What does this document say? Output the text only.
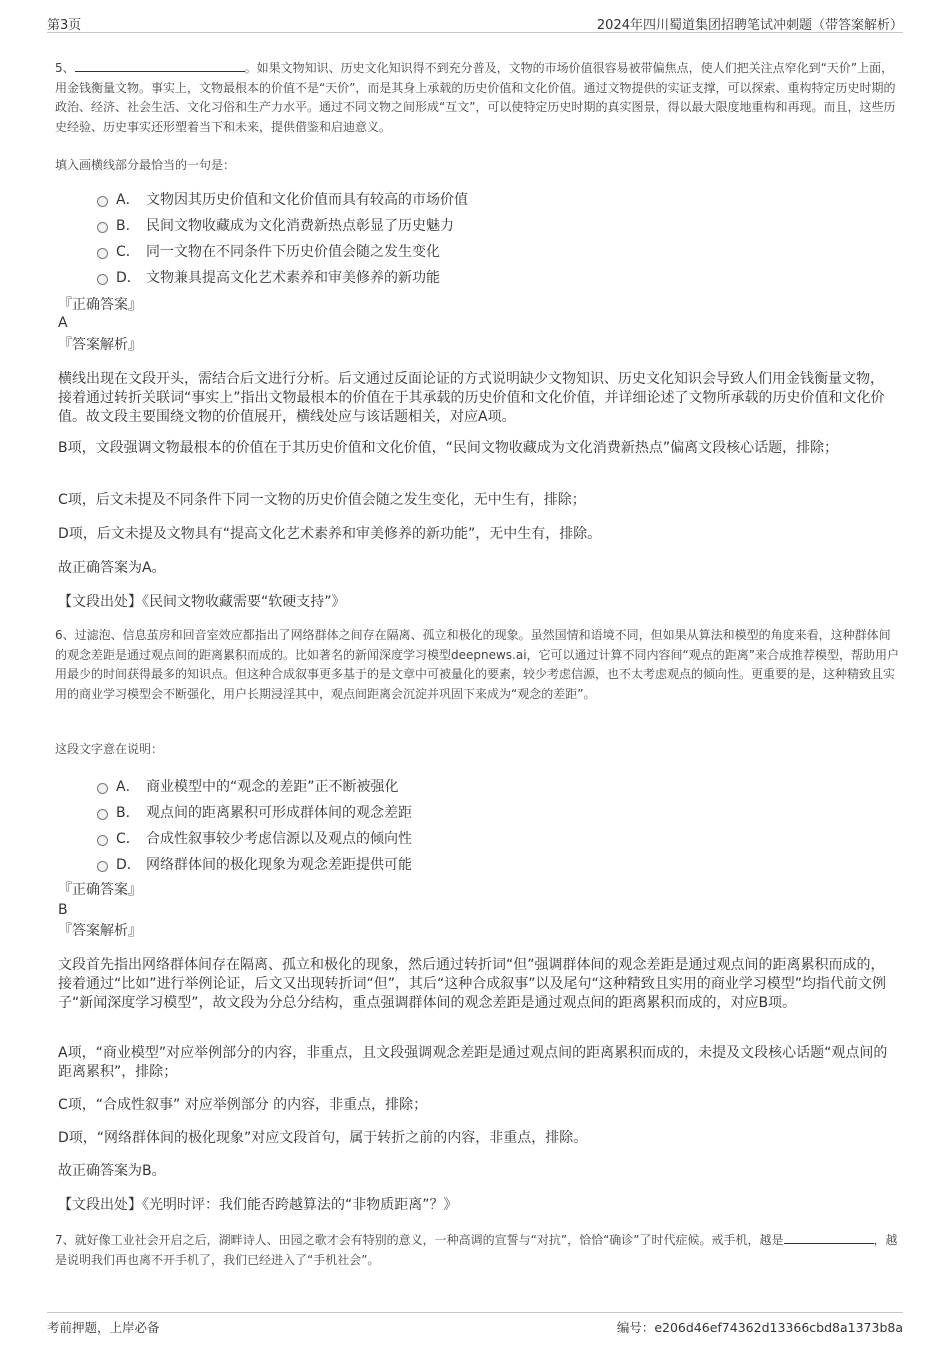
第3页	2024年四川蜀道集团招聘笔试冲刺题（带答案解析）
5、	。如果文物知识、历史文化知识得不到充分普及，文物的市场价值很容易被带偏焦点，使人们把关注点窄化到“天价”上面，用金钱衡量文物。事实上，文物最根本的价值不是“天价”，而是其身上承载的历史价值和文化价值。通过文物提供的实证支撑，可以探索、重构特定历史时期的政治、经济、社会生活、文化习俗和生产力水平。通过不同文物之间形成“互文”，可以使特定历史时期的真实图景，得以最大限度地重构和再现。而且，这些历史经验、历史事实还形塑着当下和未来，提供借鉴和启迪意义。
填入画横线部分最恰当的一句是：
A． 文物因其历史价值和文化价值而具有较高的市场价值
B． 民间文物收藏成为文化消费新热点彰显了历史魅力
C． 同一文物在不同条件下历史价值会随之发生变化
D． 文物兼具提高文化艺术素养和审美修养的新功能
『正确答案』
A
『答案解析』
横线出现在文段开头，需结合后文进行分析。后文通过反面论证的方式说明缺少文物知识、历史文化知识会导致人们用金钱衡量文物，接着通过转折关联词“事实上”指出文物最根本的价值在于其承载的历史价值和文化价值，并详细论述了文物所承载的历史价值和文化价值。故文段主要围绕文物的价值展开，横线处应与该话题相关，对应A项。
B项，文段强调文物最根本的价值在于其历史价值和文化价值，“民间文物收藏成为文化消费新热点”偏离文段核心话题，排除；
C项，后文未提及不同条件下同一文物的历史价值会随之发生变化，无中生有，排除；
D项，后文未提及文物具有“提高文化艺术素养和审美修养的新功能”，无中生有，排除。
故正确答案为A。
【文段出处】《民间文物收藏需要“软硬支持”》
6、过滤泡、信息茧房和回音室效应都指出了网络群体之间存在隔离、孤立和极化的现象。虽然国情和语境不同，但如果从算法和模型的角度来看，这种群体间的观念差距是通过观点间的距离累积而成的。比如著名的新闻深度学习模型deepnews.ai，它可以通过计算不同内容间“观点的距离”来合成推荐模型，帮助用户用最少的时间获得最多的知识点。但这种合成叙事更多基于的是文章中可被量化的要素，较少考虑信源，也不太考虑观点的倾向性。更重要的是，这种精致且实用的商业学习模型会不断强化，用户长期浸淫其中，观点间距离会沉淀并巩固下来成为“观念的差距”。
这段文字意在说明：
A． 商业模型中的“观念的差距”正不断被强化
B． 观点间的距离累积可形成群体间的观念差距
C． 合成性叙事较少考虑信源以及观点的倾向性
D． 网络群体间的极化现象为观念差距提供可能
『正确答案』
B
『答案解析』
文段首先指出网络群体间存在隔离、孤立和极化的现象，然后通过转折词“但”强调群体间的观念差距是通过观点间的距离累积而成的，接着通过“比如”进行举例论证，后文又出现转折词“但”，其后“这种合成叙事”以及尾句“这种精致且实用的商业学习模型”均指代前文例子“新闻深度学习模型”，故文段为分总分结构，重点强调群体间的观念差距是通过观点间的距离累积而成的，对应B项。
A项，“商业模型”对应举例部分的内容，非重点，且文段强调观念差距是通过观点间的距离累积而成的，未提及文段核心话题“观点间的距离累积”，排除；
C项，“合成性叙事” 对应举例部分 的内容，非重点，排除；
D项，“网络群体间的极化现象”对应文段首句，属于转折之前的内容，非重点，排除。
故正确答案为B。
【文段出处】《光明时评：我们能否跨越算法的“非物质距离”？》
7、就好像工业社会开启之后，湖畔诗人、田园之歌才会有特别的意义，一种高调的宣誓与“对抗”，恰恰“确诊”了时代症候。戒手机，越是	，越是说明我们再也离不开手机了，我们已经进入了“手机社会”。
考前押题，上岸必备	编号：e206d46ef74362d13366cbd8a1373b8a
